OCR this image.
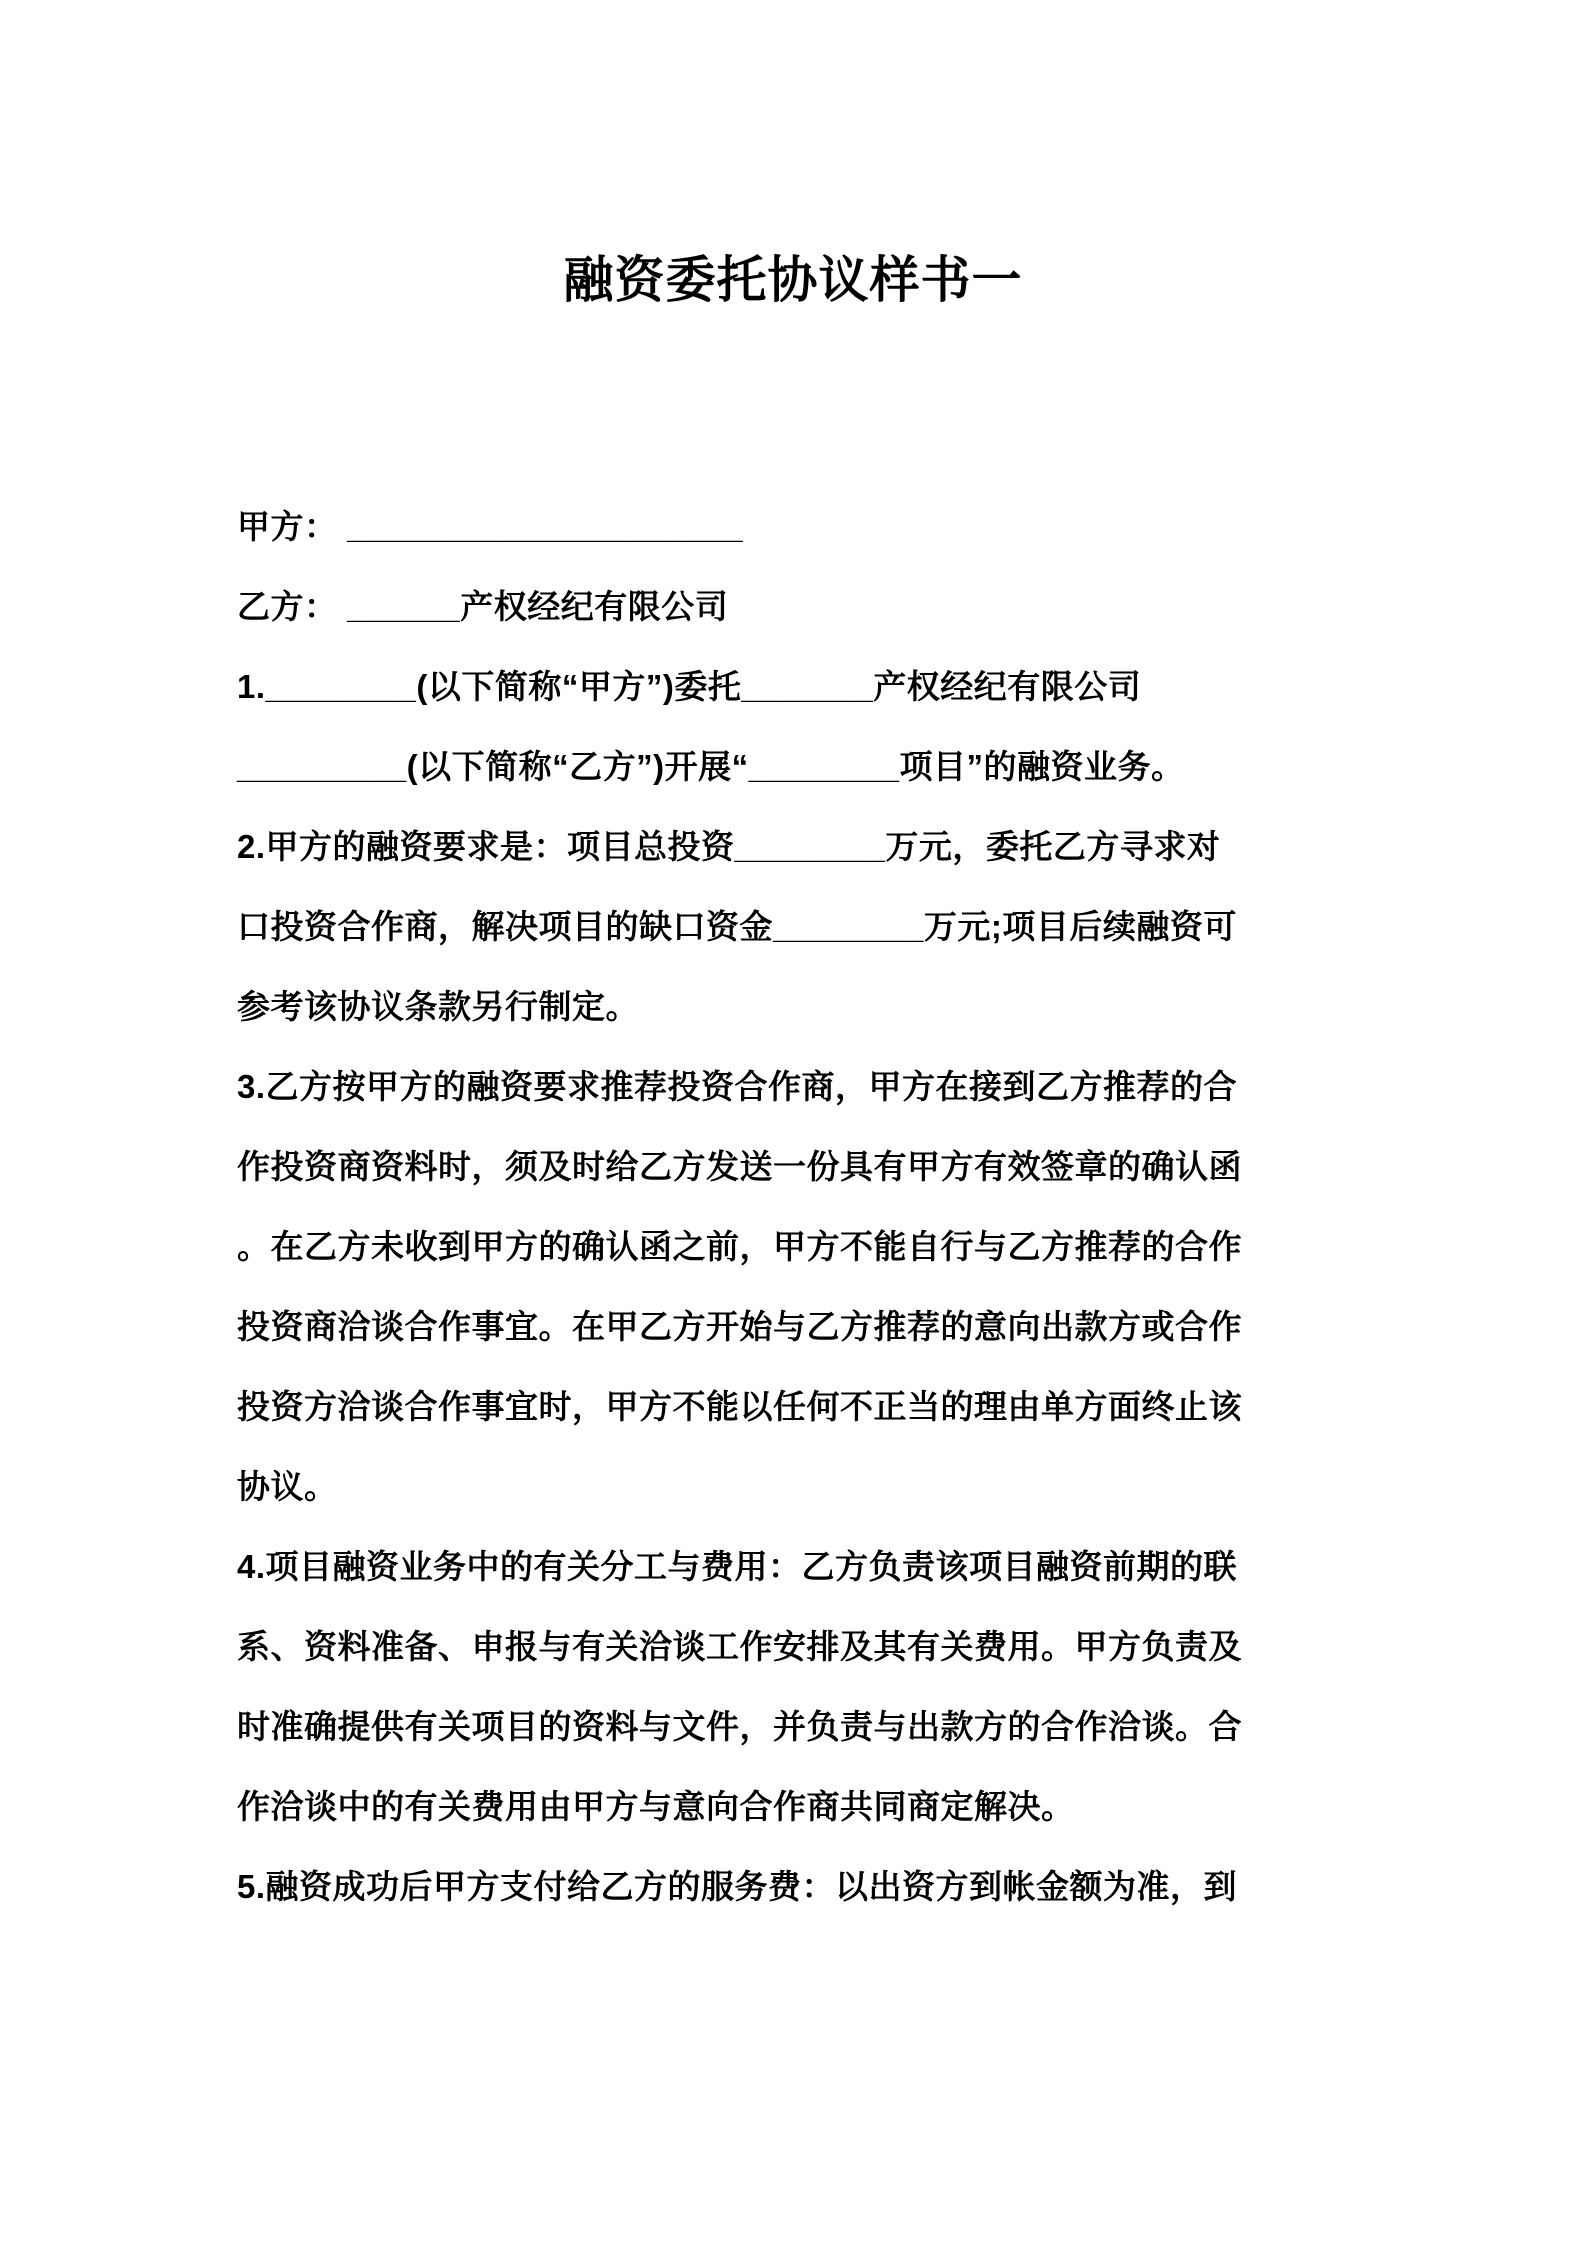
融资委托协议样书一
甲方： _____________________
乙方： ______产权经纪有限公司
1.________(以下简称“甲方”)委托_______产权经纪有限公司
_________(以下简称“乙方”)开展“________项目”的融资业务。
2.甲方的融资要求是：项目总投资________万元，委托乙方寻求对
口投资合作商，解决项目的缺口资金________万元;项目后续融资可
参考该协议条款另行制定。
3.乙方按甲方的融资要求推荐投资合作商，甲方在接到乙方推荐的合
作投资商资料时，须及时给乙方发送一份具有甲方有效签章的确认函
。在乙方未收到甲方的确认函之前，甲方不能自行与乙方推荐的合作
投资商洽谈合作事宜。在甲乙方开始与乙方推荐的意向出款方或合作
投资方洽谈合作事宜时，甲方不能以任何不正当的理由单方面终止该
协议。
4.项目融资业务中的有关分工与费用：乙方负责该项目融资前期的联
系、资料准备、申报与有关洽谈工作安排及其有关费用。甲方负责及
时准确提供有关项目的资料与文件，并负责与出款方的合作洽谈。合
作洽谈中的有关费用由甲方与意向合作商共同商定解决。
5.融资成功后甲方支付给乙方的服务费：以出资方到帐金额为准，到
